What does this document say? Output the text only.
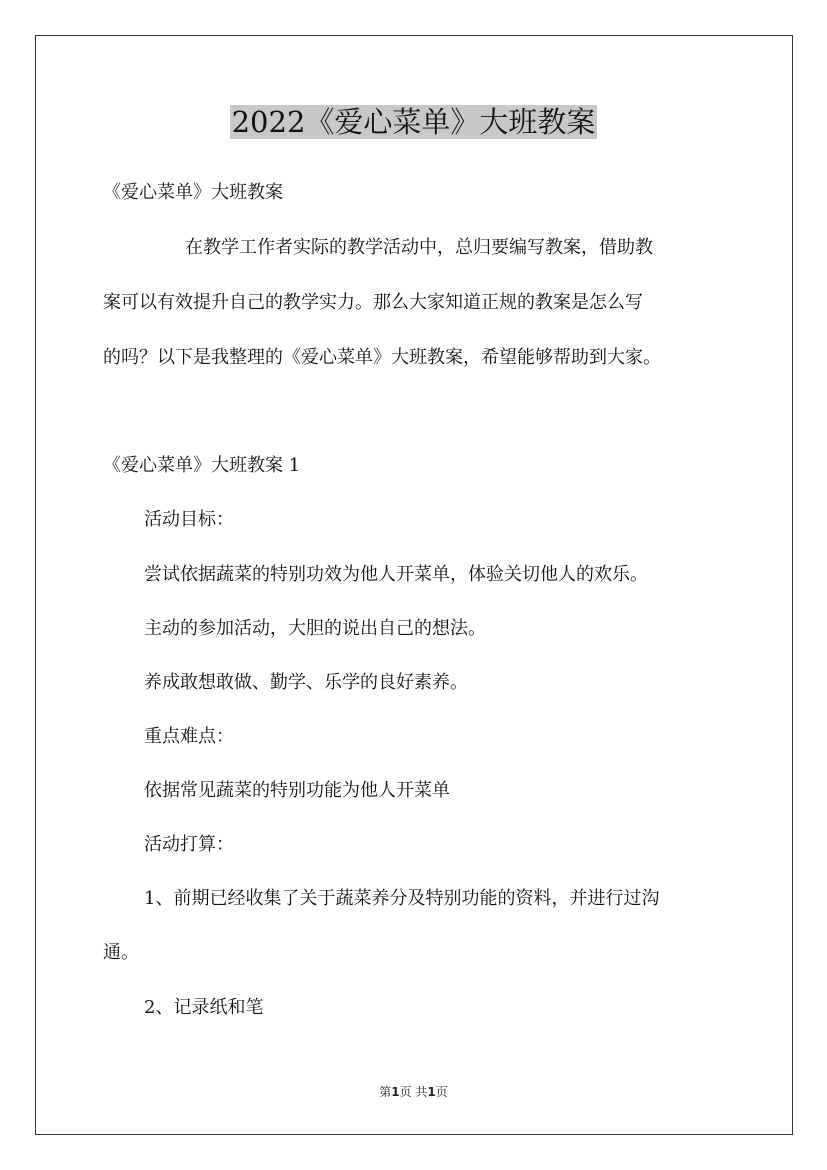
2022《爱心菜单》大班教案
《爱心菜单》大班教案
在教学工作者实际的教学活动中，总归要编写教案，借助教
案可以有效提升自己的教学实力。那么大家知道正规的教案是怎么写
的吗？以下是我整理的《爱心菜单》大班教案，希望能够帮助到大家。
《爱心菜单》大班教案 1
活动目标：
尝试依据蔬菜的特别功效为他人开菜单，体验关切他人的欢乐。
主动的参加活动，大胆的说出自己的想法。
养成敢想敢做、勤学、乐学的良好素养。
重点难点：
依据常见蔬菜的特别功能为他人开菜单
活动打算：
1、前期已经收集了关于蔬菜养分及特别功能的资料，并进行过沟
通。
2、记录纸和笔
第1页 共1页
